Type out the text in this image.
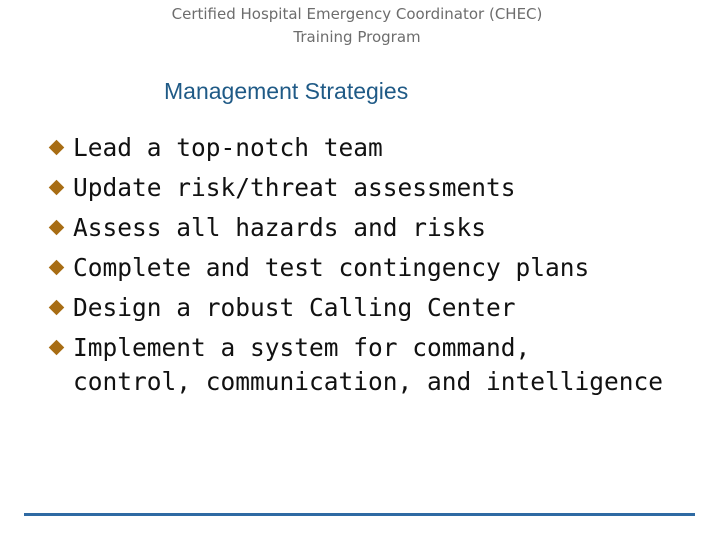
Certified Hospital Emergency Coordinator (CHEC)
Training Program
Management Strategies
Lead a top-notch team
Update risk/threat assessments
Assess all hazards and risks
Complete and test contingency plans
Design a robust Calling Center
Implement a system for command,
control, communication, and intelligence
